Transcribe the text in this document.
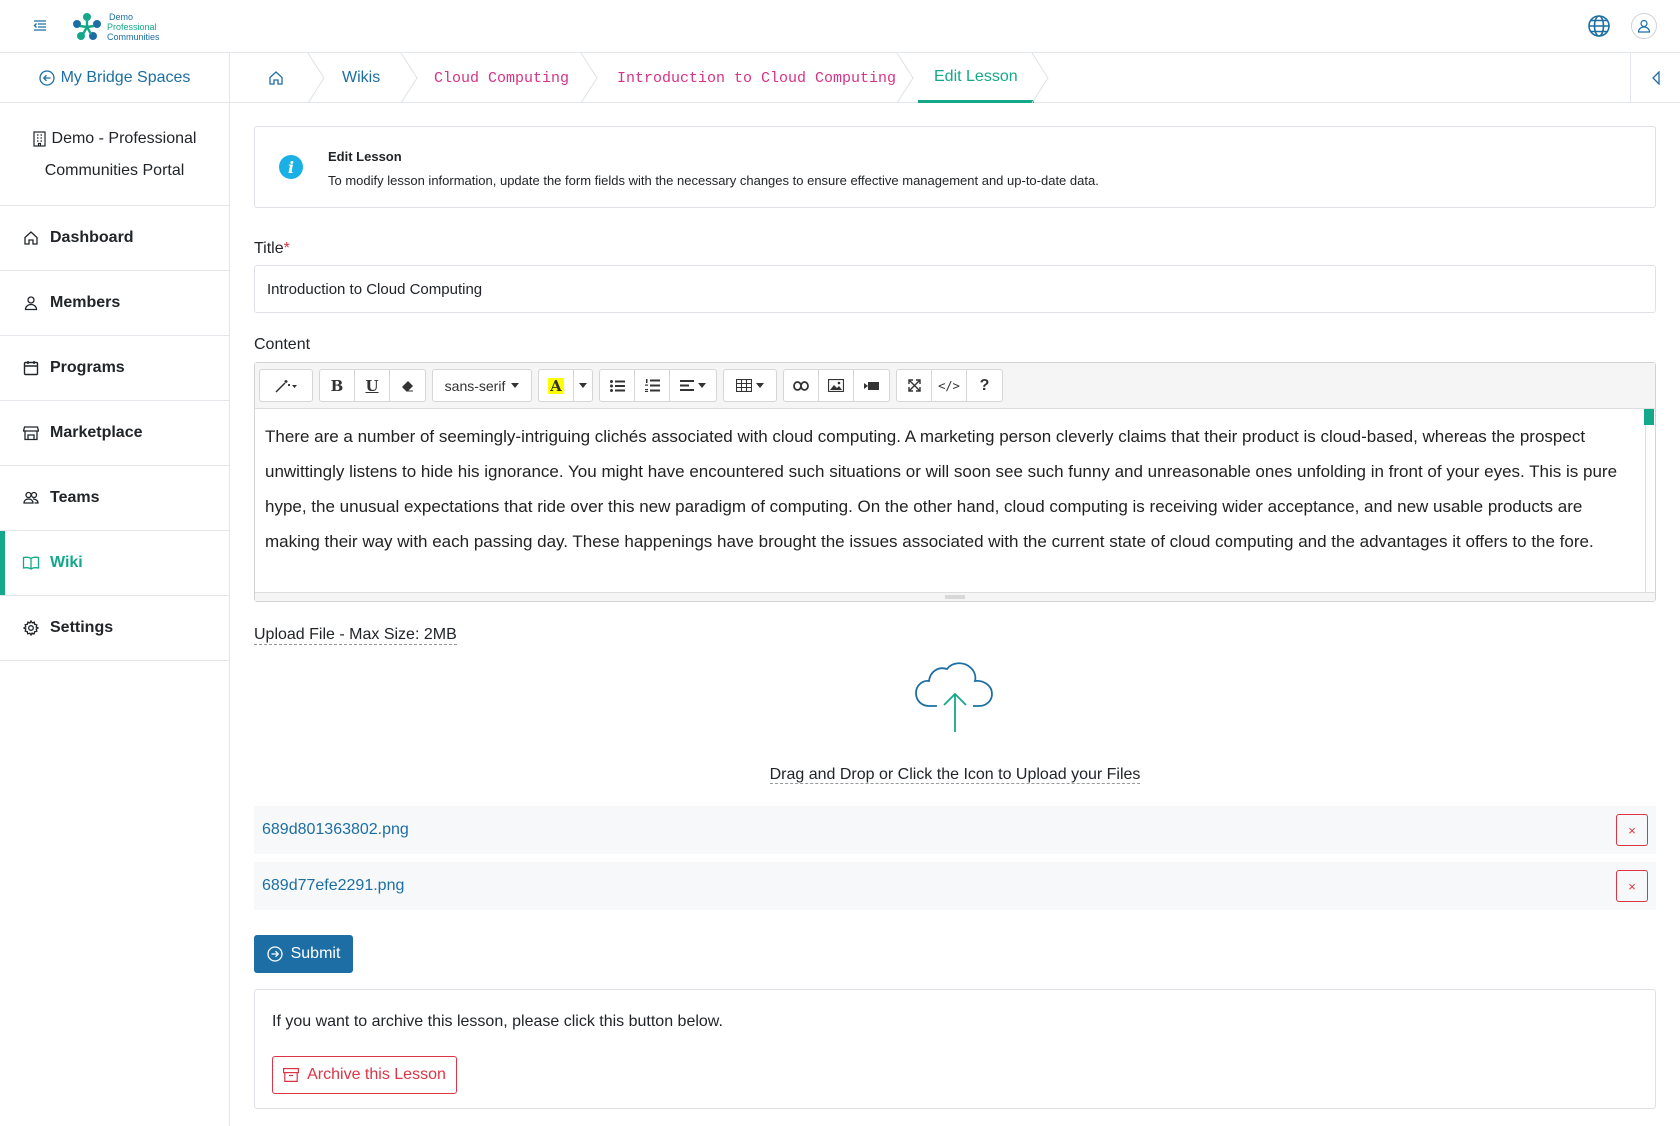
Demo
Professional
Communities
My Bridge Spaces
Demo - Professional
Communities Portal
Dashboard
Members
Programs
Marketplace
Teams
Wiki
Settings
Wikis	Cloud Computing	Introduction to Cloud Computing	Edit Lesson
i
Edit Lesson
To modify lesson information, update the form fields with the necessary changes to ensure effective management and up-to-date data.
Title*
Introduction to Cloud Computing
Content
B U	sans-serif	A	</> ?
There are a number of seemingly-intriguing clichés associated with cloud computing. A marketing person cleverly claims that their product is cloud-based, whereas the prospect unwittingly listens to hide his ignorance. You might have encountered such situations or will soon see such funny and unreasonable ones unfolding in front of your eyes. This is pure hype, the unusual expectations that ride over this new paradigm of computing. On the other hand, cloud computing is receiving wider acceptance, and new usable products are making their way with each passing day. These happenings have brought the issues associated with the current state of cloud computing and the advantages it offers to the fore.
Upload File - Max Size: 2MB
Drag and Drop or Click the Icon to Upload your Files
689d801363802.png	×
689d77efe2291.png	×
Submit
If you want to archive this lesson, please click this button below.
Archive this Lesson
